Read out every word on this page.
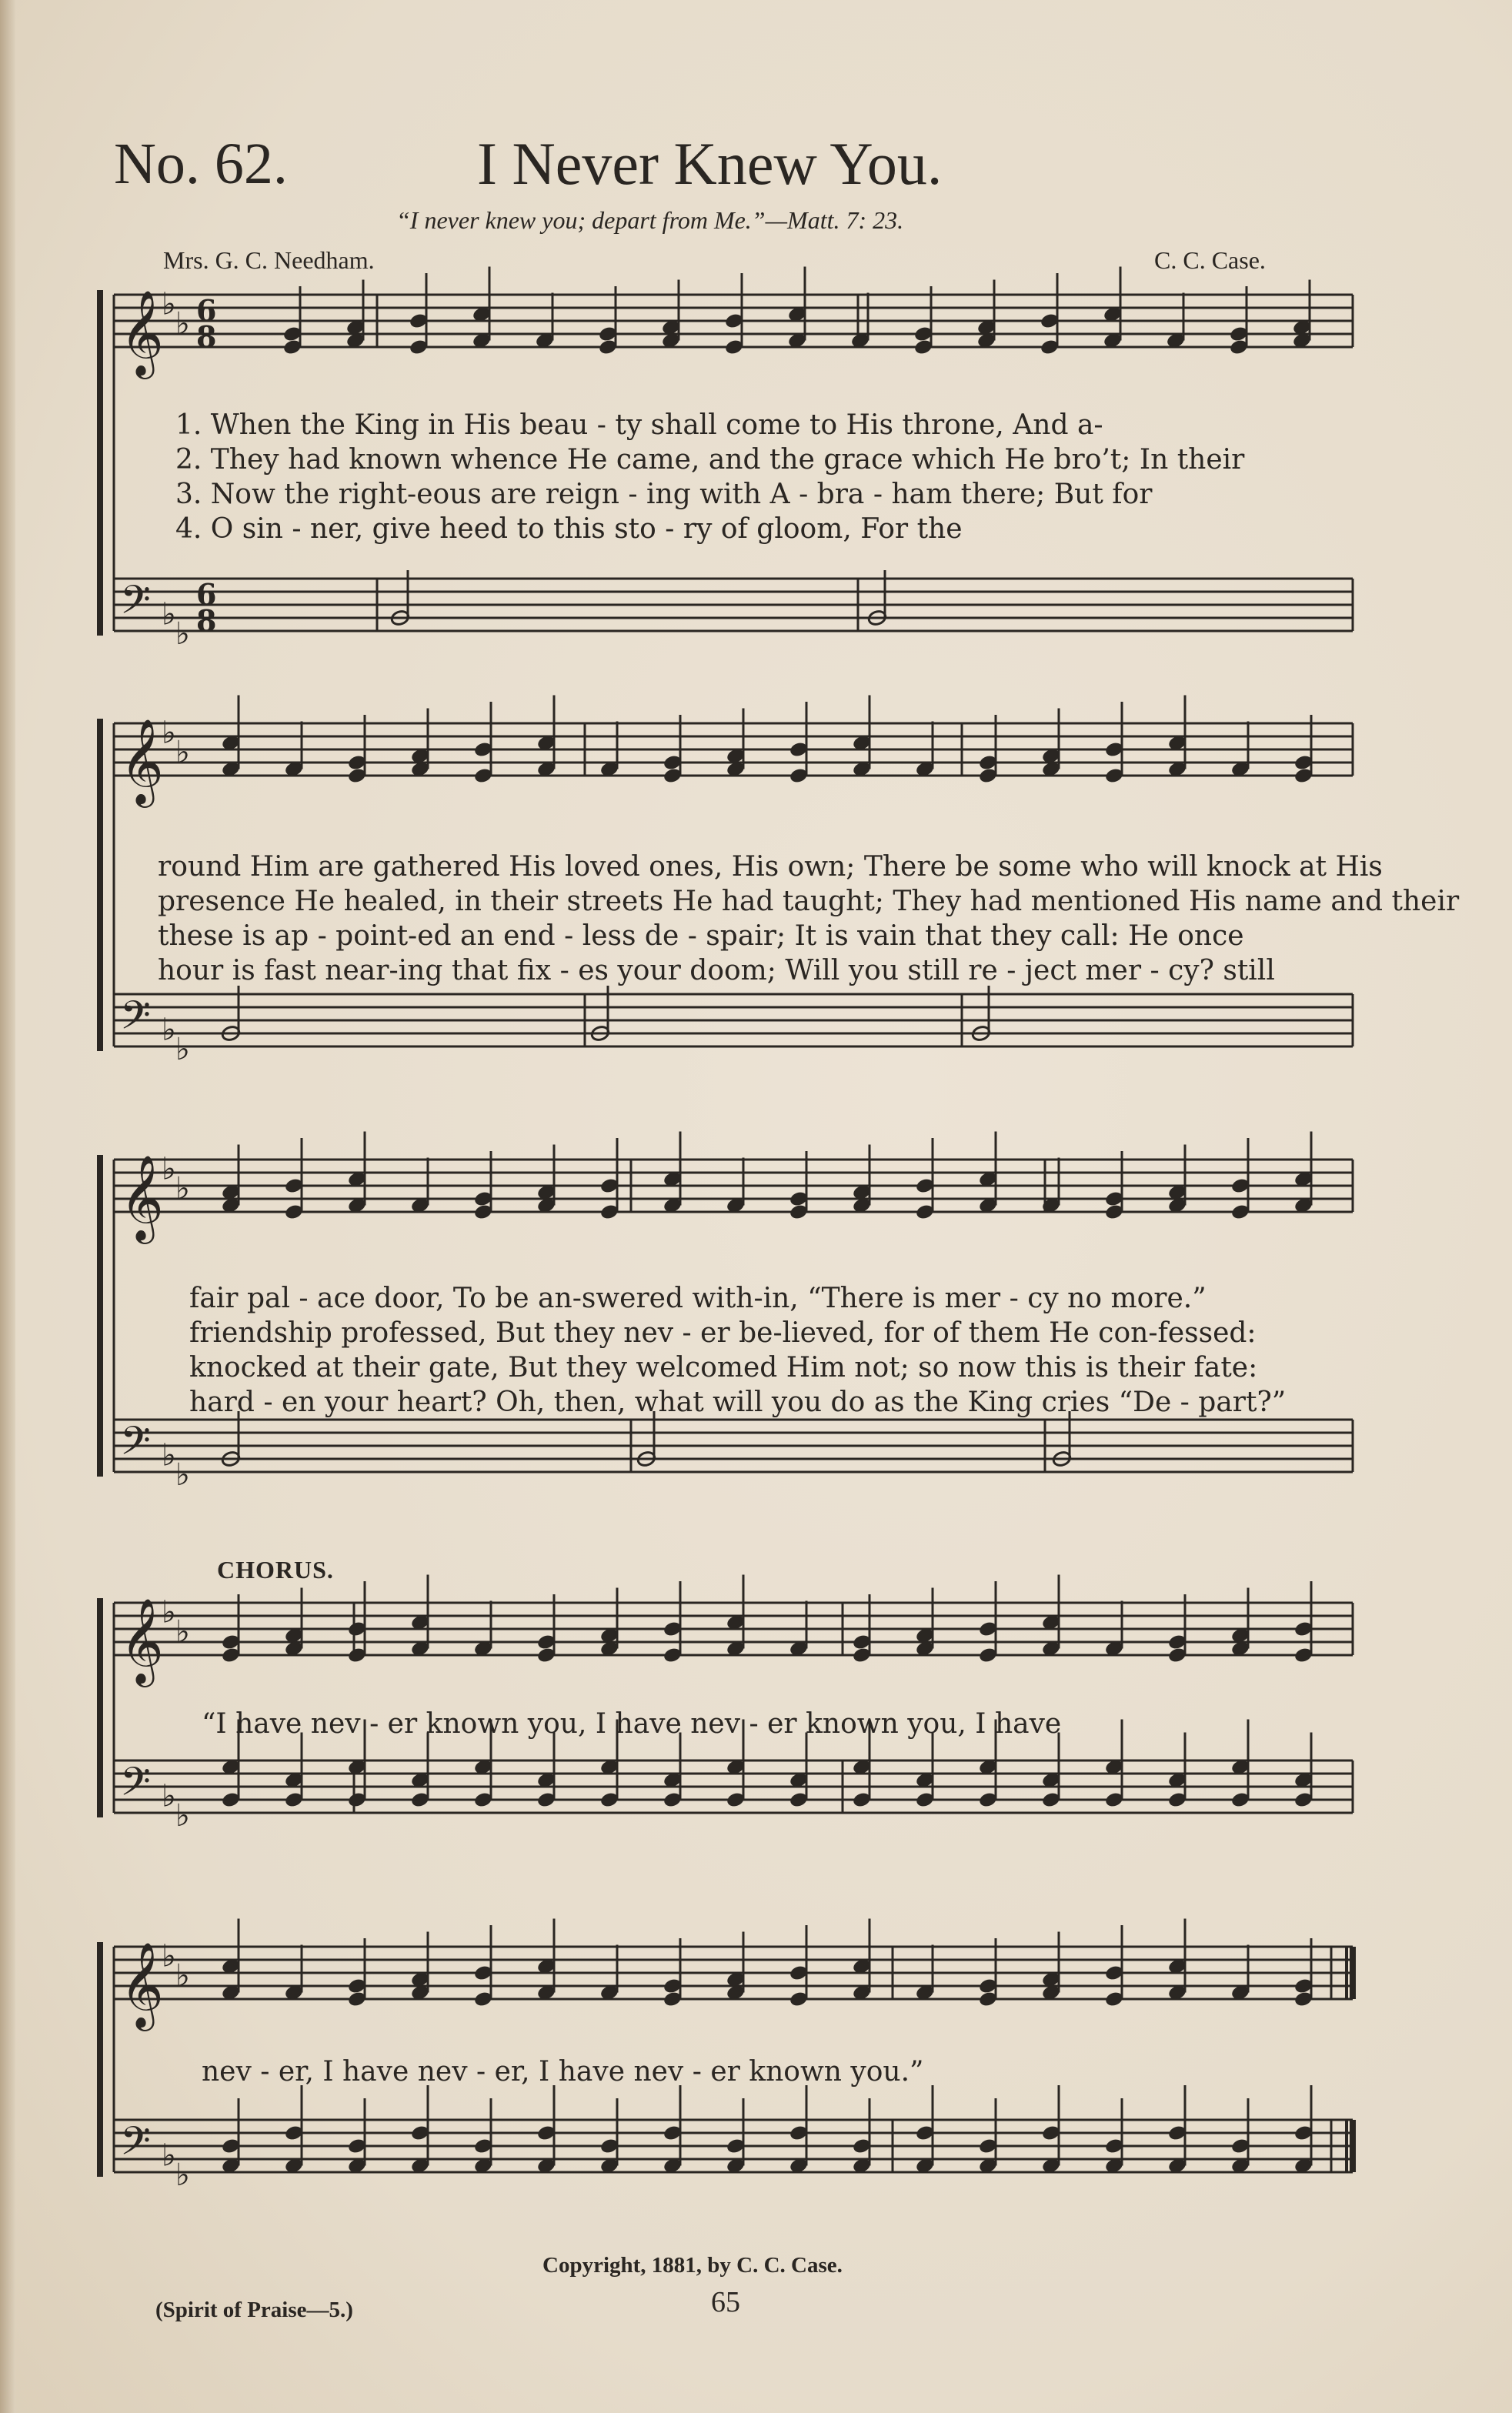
No. 62.	I Never Knew You.
“I never knew you; depart from Me.”—Matt. 7: 23.
Mrs. G. C. Needham.	C. C. Case.
𝄞
♭
♭
𝄢 ♭
♭
𝄞
♭
♭
𝄢 ♭
♭
𝄞
♭
♭
𝄢 ♭
♭
𝄞
♭
♭
𝄢 ♭
♭
𝄞
♭
♭
𝄢 ♭
♭
6
8
6
8
1. When the King in His beau - ty shall come to His throne, And a-
2. They had known whence He came, and the grace which He bro’t; In their
3. Now the right-eous are reign - ing with A - bra - ham there; But for
4. O sin - ner, give heed to this sto - ry of gloom, For the
round Him are gathered His loved ones, His own; There be some who will knock at His
presence He healed, in their streets He had taught; They had mentioned His name and their
these is ap - point-ed an end - less de - spair; It is vain that they call: He once
hour is fast near-ing that fix - es your doom; Will you still re - ject mer - cy? still
fair pal - ace door, To be an-swered with-in, “There is mer - cy no more.”
friendship professed, But they nev - er be-lieved, for of them He con-fessed:
knocked at their gate, But they welcomed Him not; so now this is their fate:
hard - en your heart? Oh, then, what will you do as the King cries “De - part?”
CHORUS.
“I have nev - er known you, I have nev - er known you, I have
nev - er, I have nev - er, I have nev - er known you.”
Copyright, 1881, by C. C. Case.
(Spirit of Praise—5.)	65
